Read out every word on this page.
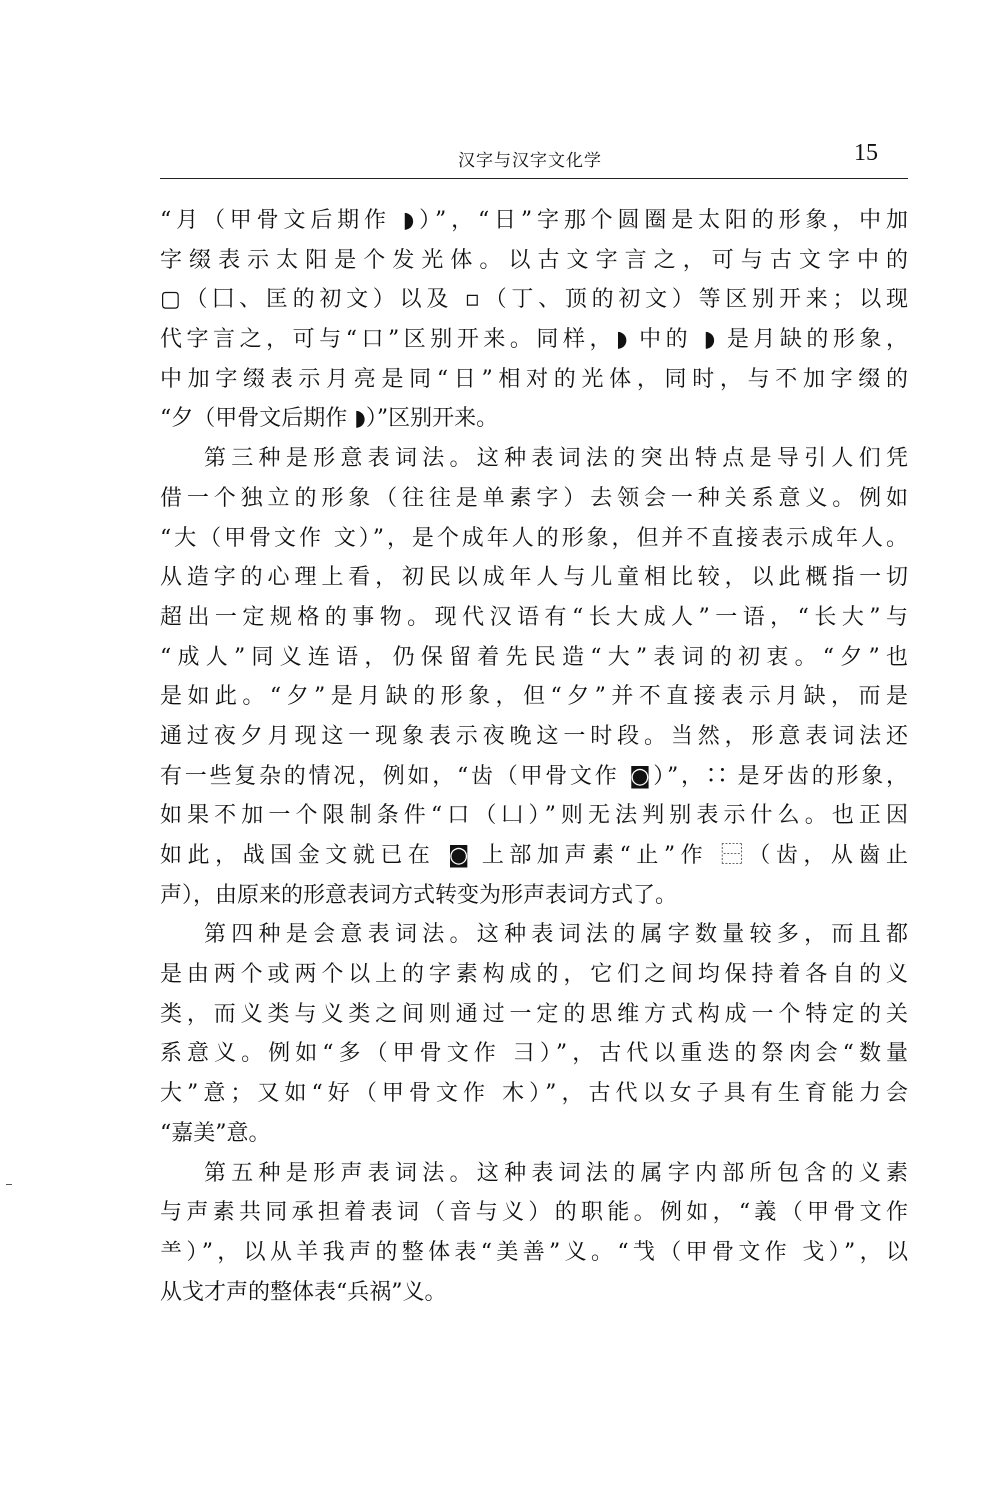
汉字与汉字文化学	15
“月（甲骨文后期作 ◗）”，“日”字那个圆圈是太阳的形象，中加
字缀表示太阳是个发光体。以古文字言之，可与古文字中的
▢（囗、匡的初文）以及 ▫（丁、顶的初文）等区别开来；以现
代字言之，可与“口”区别开来。同样，◗ 中的 ◗ 是月缺的形象，
中加字缀表示月亮是同“日”相对的光体，同时，与不加字缀的
“夕（甲骨文后期作 ◗）”区别开来。
第三种是形意表词法。这种表词法的突出特点是导引人们凭
借一个独立的形象（往往是单素字）去领会一种关系意义。例如
“大（甲骨文作 ⽂）”，是个成年人的形象，但并不直接表示成年人。
从造字的心理上看，初民以成年人与儿童相比较，以此概指一切
超出一定规格的事物。现代汉语有“长大成人”一语，“长大”与
“成人”同义连语，仍保留着先民造“大”表词的初衷。“夕”也
是如此。“夕”是月缺的形象，但“夕”并不直接表示月缺，而是
通过夜夕月现这一现象表示夜晚这一时段。当然，形意表词法还
有一些复杂的情况，例如，“齿（甲骨文作 ◙）”，∷ 是牙齿的形象，
如果不加一个限制条件“口（凵）”则无法判别表示什么。也正因
如此，战国金文就已在 ◙ 上部加声素“止”作 ⿱（齿，从齒止
声），由原来的形意表词方式转变为形声表词方式了。
第四种是会意表词法。这种表词法的属字数量较多，而且都
是由两个或两个以上的字素构成的，它们之间均保持着各自的义
类，而义类与义类之间则通过一定的思维方式构成一个特定的关
系意义。例如“多（甲骨文作 ⺕）”，古代以重迭的祭肉会“数量
大”意；又如“好（甲骨文作 ⽊）”，古代以女子具有生育能力会
“嘉美”意。
第五种是形声表词法。这种表词法的属字内部所包含的义素
与声素共同承担着表词（音与义）的职能。例如，“義（甲骨文作
⺷）”，以从羊我声的整体表“美善”义。“𢦏（甲骨文作 ⼽）”，以
从戈才声的整体表“兵祸”义。
